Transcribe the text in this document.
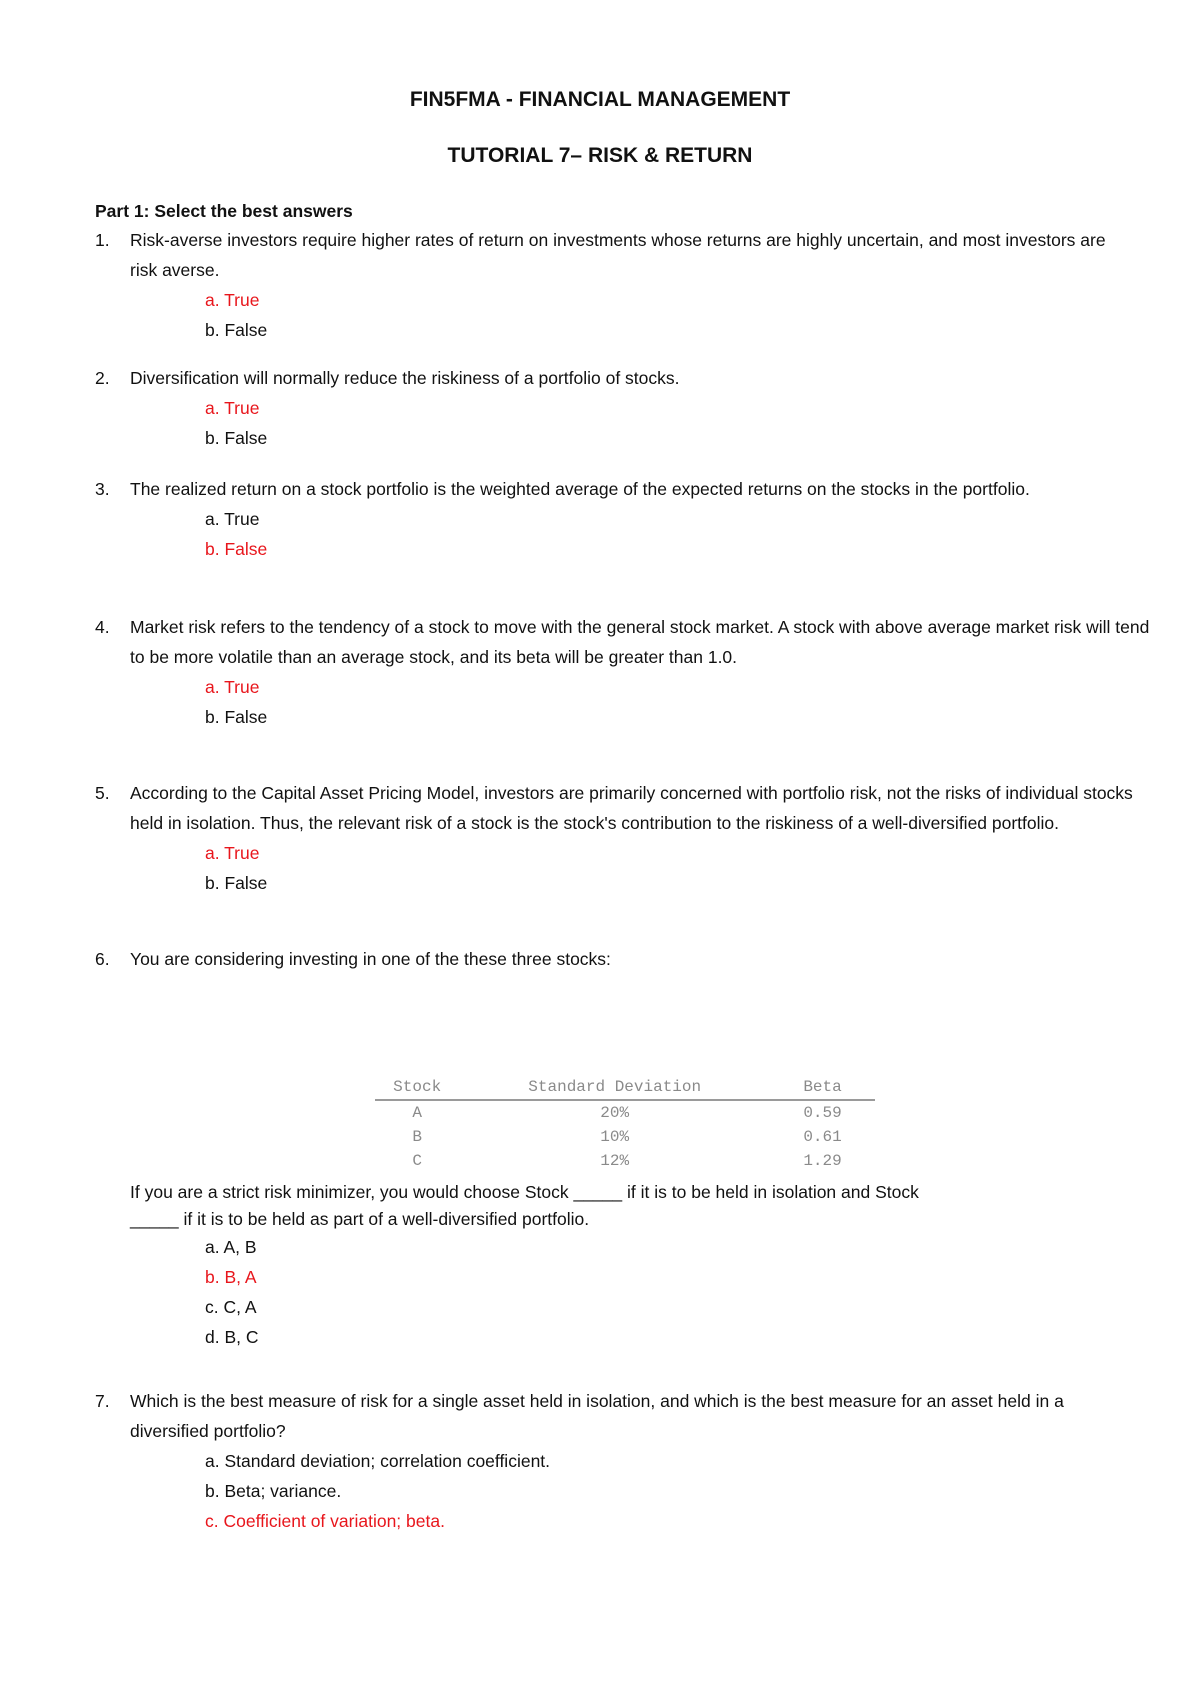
FIN5FMA - FINANCIAL MANAGEMENT
TUTORIAL 7– RISK & RETURN
Part 1: Select the best answers
1. Risk-averse investors require higher rates of return on investments whose returns are highly uncertain, and most investors are risk averse.
a. True
b. False
2. Diversification will normally reduce the riskiness of a portfolio of stocks.
a. True
b. False
3. The realized return on a stock portfolio is the weighted average of the expected returns on the stocks in the portfolio.
a. True
b. False
4. Market risk refers to the tendency of a stock to move with the general stock market. A stock with above average market risk will tend to be more volatile than an average stock, and its beta will be greater than 1.0.
a. True
b. False
5. According to the Capital Asset Pricing Model, investors are primarily concerned with portfolio risk, not the risks of individual stocks held in isolation. Thus, the relevant risk of a stock is the stock's contribution to the riskiness of a well-diversified portfolio.
a. True
b. False
6. You are considering investing in one of the these three stocks:
Stock	Standard Deviation	Beta
A	20%	0.59
B	10%	0.61
C	12%	1.29
If you are a strict risk minimizer, you would choose Stock _____ if it is to be held in isolation and Stock
_____ if it is to be held as part of a well-diversified portfolio.
a. A, B
b. B, A
c. C, A
d. B, C
7. Which is the best measure of risk for a single asset held in isolation, and which is the best measure for an asset held in a diversified portfolio?
a. Standard deviation; correlation coefficient.
b. Beta; variance.
c. Coefficient of variation; beta.
